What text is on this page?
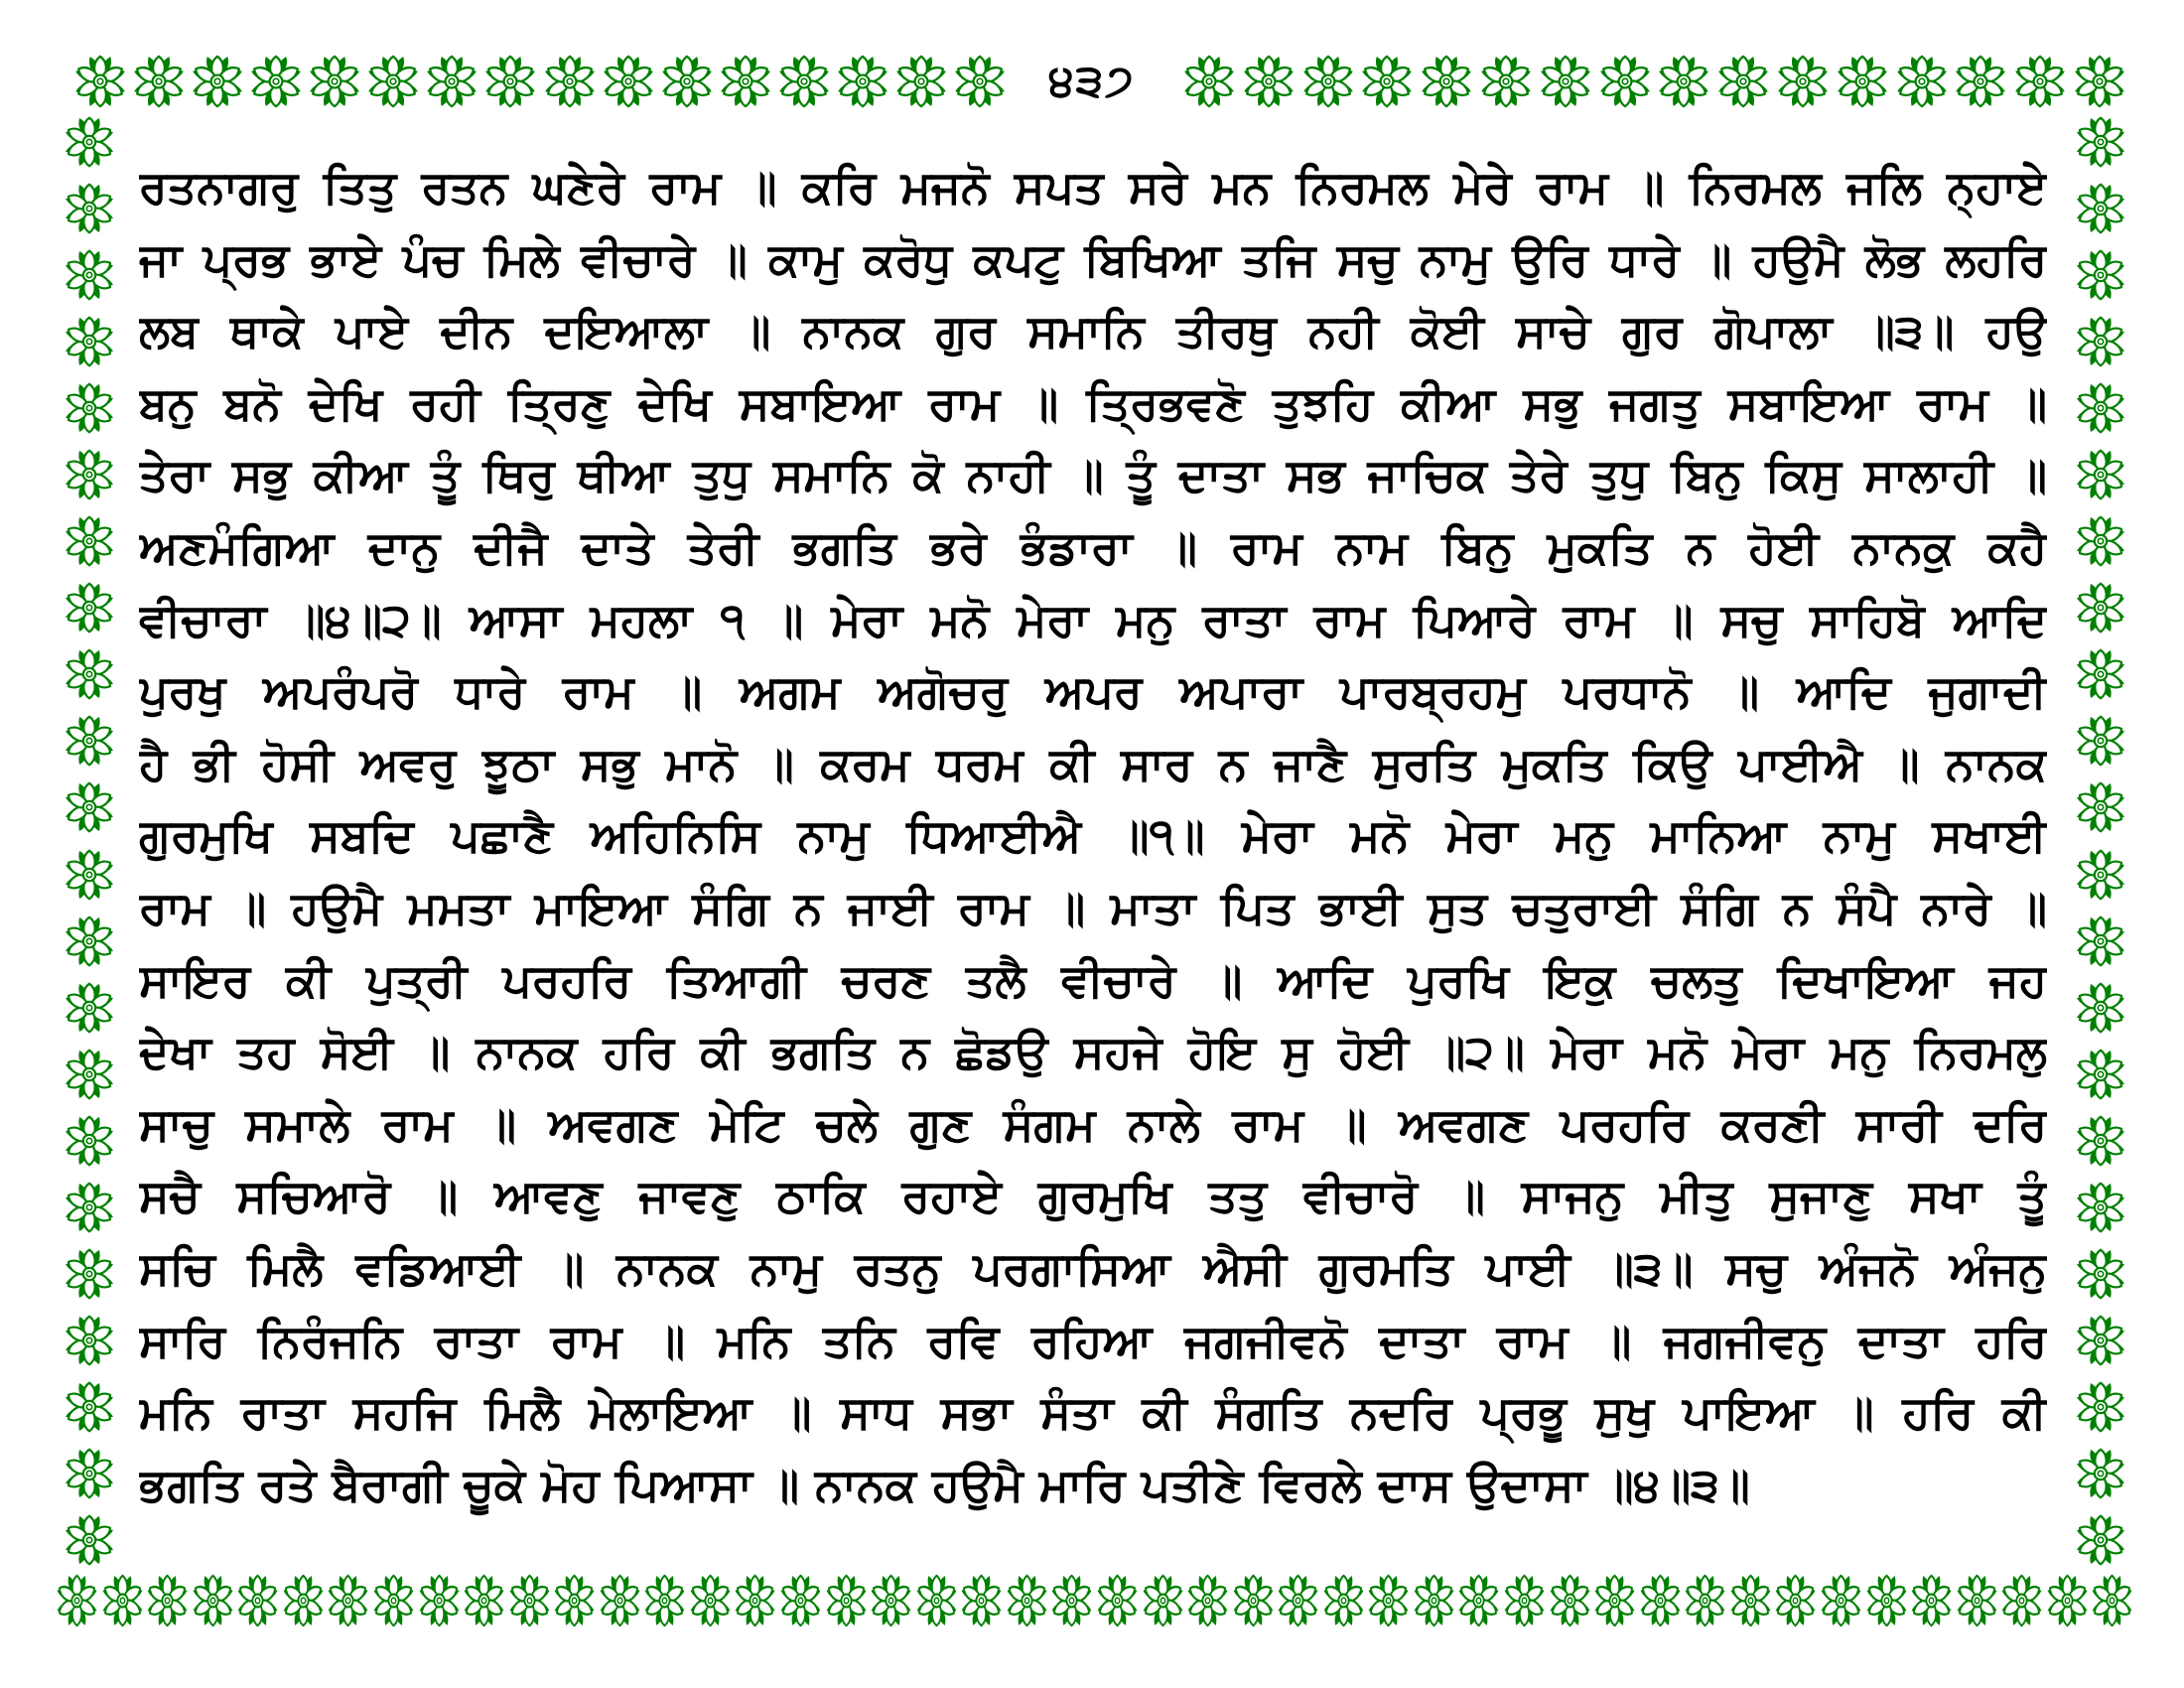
੪੩੭
ਰਤਨਾਗਰੁ ਤਿਤੁ ਰਤਨ ਘਣੇਰੇ ਰਾਮ ॥ ਕਰਿ ਮਜਨੋ ਸਪਤ ਸਰੇ ਮਨ ਨਿਰਮਲ ਮੇਰੇ ਰਾਮ ॥ ਨਿਰਮਲ ਜਲਿ ਨ੍ਹਾਏ
ਜਾ ਪ੍ਰਭ ਭਾਏ ਪੰਚ ਮਿਲੇ ਵੀਚਾਰੇ ॥ ਕਾਮੁ ਕਰੋਧੁ ਕਪਟੁ ਬਿਖਿਆ ਤਜਿ ਸਚੁ ਨਾਮੁ ਉਰਿ ਧਾਰੇ ॥ ਹਉਮੈ ਲੋਭ ਲਹਰਿ
ਲਬ ਥਾਕੇ ਪਾਏ ਦੀਨ ਦਇਆਲਾ ॥ ਨਾਨਕ ਗੁਰ ਸਮਾਨਿ ਤੀਰਥੁ ਨਹੀ ਕੋਈ ਸਾਚੇ ਗੁਰ ਗੋਪਾਲਾ ॥੩॥ ਹਉ
ਬਨੁ ਬਨੋ ਦੇਖਿ ਰਹੀ ਤ੍ਰਿਣੁ ਦੇਖਿ ਸਬਾਇਆ ਰਾਮ ॥ ਤ੍ਰਿਭਵਣੋ ਤੁਝਹਿ ਕੀਆ ਸਭੁ ਜਗਤੁ ਸਬਾਇਆ ਰਾਮ ॥
ਤੇਰਾ ਸਭੁ ਕੀਆ ਤੂੰ ਥਿਰੁ ਥੀਆ ਤੁਧੁ ਸਮਾਨਿ ਕੋ ਨਾਹੀ ॥ ਤੂੰ ਦਾਤਾ ਸਭ ਜਾਚਿਕ ਤੇਰੇ ਤੁਧੁ ਬਿਨੁ ਕਿਸੁ ਸਾਲਾਹੀ ॥
ਅਣਮੰਗਿਆ ਦਾਨੁ ਦੀਜੈ ਦਾਤੇ ਤੇਰੀ ਭਗਤਿ ਭਰੇ ਭੰਡਾਰਾ ॥ ਰਾਮ ਨਾਮ ਬਿਨੁ ਮੁਕਤਿ ਨ ਹੋਈ ਨਾਨਕੁ ਕਹੈ
ਵੀਚਾਰਾ ॥੪॥੨॥ ਆਸਾ ਮਹਲਾ ੧ ॥ ਮੇਰਾ ਮਨੋ ਮੇਰਾ ਮਨੁ ਰਾਤਾ ਰਾਮ ਪਿਆਰੇ ਰਾਮ ॥ ਸਚੁ ਸਾਹਿਬੋ ਆਦਿ
ਪੁਰਖੁ ਅਪਰੰਪਰੋ ਧਾਰੇ ਰਾਮ ॥ ਅਗਮ ਅਗੋਚਰੁ ਅਪਰ ਅਪਾਰਾ ਪਾਰਬ੍ਰਹਮੁ ਪਰਧਾਨੋ ॥ ਆਦਿ ਜੁਗਾਦੀ
ਹੈ ਭੀ ਹੋਸੀ ਅਵਰੁ ਝੂਠਾ ਸਭੁ ਮਾਨੋ ॥ ਕਰਮ ਧਰਮ ਕੀ ਸਾਰ ਨ ਜਾਣੈ ਸੁਰਤਿ ਮੁਕਤਿ ਕਿਉ ਪਾਈਐ ॥ ਨਾਨਕ
ਗੁਰਮੁਖਿ ਸਬਦਿ ਪਛਾਣੈ ਅਹਿਨਿਸਿ ਨਾਮੁ ਧਿਆਈਐ ॥੧॥ ਮੇਰਾ ਮਨੋ ਮੇਰਾ ਮਨੁ ਮਾਨਿਆ ਨਾਮੁ ਸਖਾਈ
ਰਾਮ ॥ ਹਉਮੈ ਮਮਤਾ ਮਾਇਆ ਸੰਗਿ ਨ ਜਾਈ ਰਾਮ ॥ ਮਾਤਾ ਪਿਤ ਭਾਈ ਸੁਤ ਚਤੁਰਾਈ ਸੰਗਿ ਨ ਸੰਪੈ ਨਾਰੇ ॥
ਸਾਇਰ ਕੀ ਪੁਤ੍ਰੀ ਪਰਹਰਿ ਤਿਆਗੀ ਚਰਣ ਤਲੈ ਵੀਚਾਰੇ ॥ ਆਦਿ ਪੁਰਖਿ ਇਕੁ ਚਲਤੁ ਦਿਖਾਇਆ ਜਹ
ਦੇਖਾ ਤਹ ਸੋਈ ॥ ਨਾਨਕ ਹਰਿ ਕੀ ਭਗਤਿ ਨ ਛੋਡਉ ਸਹਜੇ ਹੋਇ ਸੁ ਹੋਈ ॥੨॥ ਮੇਰਾ ਮਨੋ ਮੇਰਾ ਮਨੁ ਨਿਰਮਲੁ
ਸਾਚੁ ਸਮਾਲੇ ਰਾਮ ॥ ਅਵਗਣ ਮੇਟਿ ਚਲੇ ਗੁਣ ਸੰਗਮ ਨਾਲੇ ਰਾਮ ॥ ਅਵਗਣ ਪਰਹਰਿ ਕਰਣੀ ਸਾਰੀ ਦਰਿ
ਸਚੈ ਸਚਿਆਰੋ ॥ ਆਵਣੁ ਜਾਵਣੁ ਠਾਕਿ ਰਹਾਏ ਗੁਰਮੁਖਿ ਤਤੁ ਵੀਚਾਰੋ ॥ ਸਾਜਨੁ ਮੀਤੁ ਸੁਜਾਣੁ ਸਖਾ ਤੂੰ
ਸਚਿ ਮਿਲੈ ਵਡਿਆਈ ॥ ਨਾਨਕ ਨਾਮੁ ਰਤਨੁ ਪਰਗਾਸਿਆ ਐਸੀ ਗੁਰਮਤਿ ਪਾਈ ॥੩॥ ਸਚੁ ਅੰਜਨੋ ਅੰਜਨੁ
ਸਾਰਿ ਨਿਰੰਜਨਿ ਰਾਤਾ ਰਾਮ ॥ ਮਨਿ ਤਨਿ ਰਵਿ ਰਹਿਆ ਜਗਜੀਵਨੋ ਦਾਤਾ ਰਾਮ ॥ ਜਗਜੀਵਨੁ ਦਾਤਾ ਹਰਿ
ਮਨਿ ਰਾਤਾ ਸਹਜਿ ਮਿਲੈ ਮੇਲਾਇਆ ॥ ਸਾਧ ਸਭਾ ਸੰਤਾ ਕੀ ਸੰਗਤਿ ਨਦਰਿ ਪ੍ਰਭੂ ਸੁਖੁ ਪਾਇਆ ॥ ਹਰਿ ਕੀ
ਭਗਤਿ ਰਤੇ ਬੈਰਾਗੀ ਚੂਕੇ ਮੋਹ ਪਿਆਸਾ ॥ ਨਾਨਕ ਹਉਮੈ ਮਾਰਿ ਪਤੀਣੇ ਵਿਰਲੇ ਦਾਸ ਉਦਾਸਾ ॥੪॥੩॥
